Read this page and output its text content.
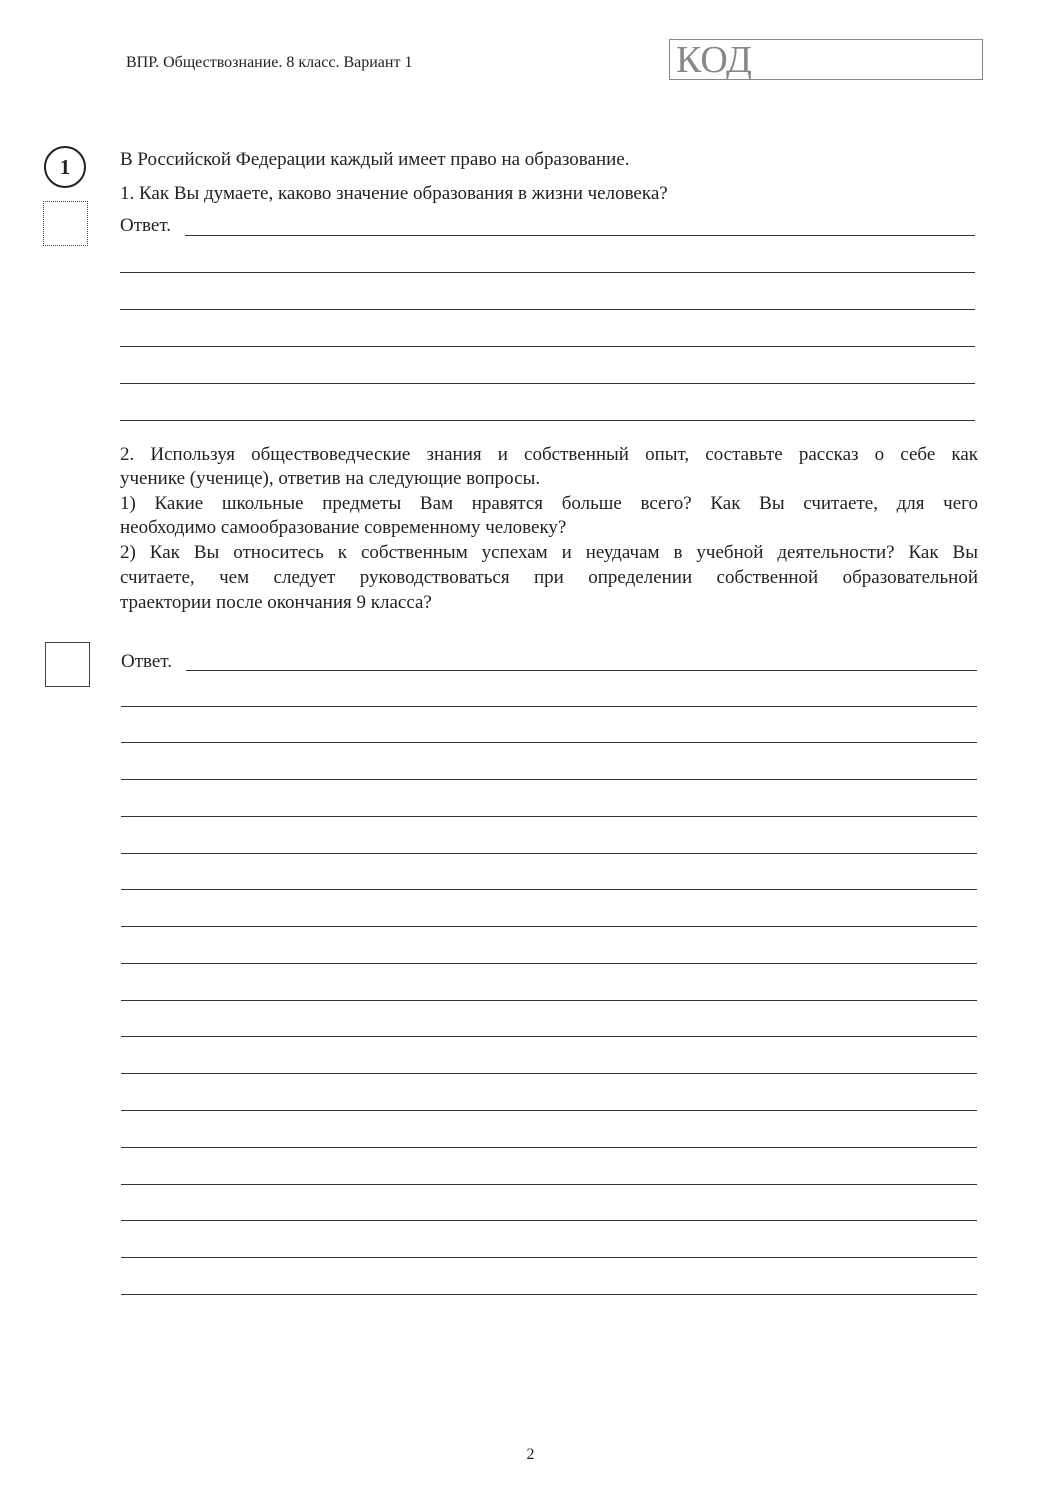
ВПР. Обществознание. 8 класс. Вариант 1	КОД
1	В Российской Федерации каждый имеет право на образование.
1. Как Вы думаете, каково значение образования в жизни человека?
Ответ.
2. Используя обществоведческие знания и собственный опыт, составьте рассказ о себе как
ученике (ученице), ответив на следующие вопросы.
1) Какие школьные предметы Вам нравятся больше всего? Как Вы считаете, для чего
необходимо самообразование современному человеку?
2) Как Вы относитесь к собственным успехам и неудачам в учебной деятельности? Как Вы
считаете, чем следует руководствоваться при определении собственной образовательной
траектории после окончания 9 класса?
Ответ.
2
